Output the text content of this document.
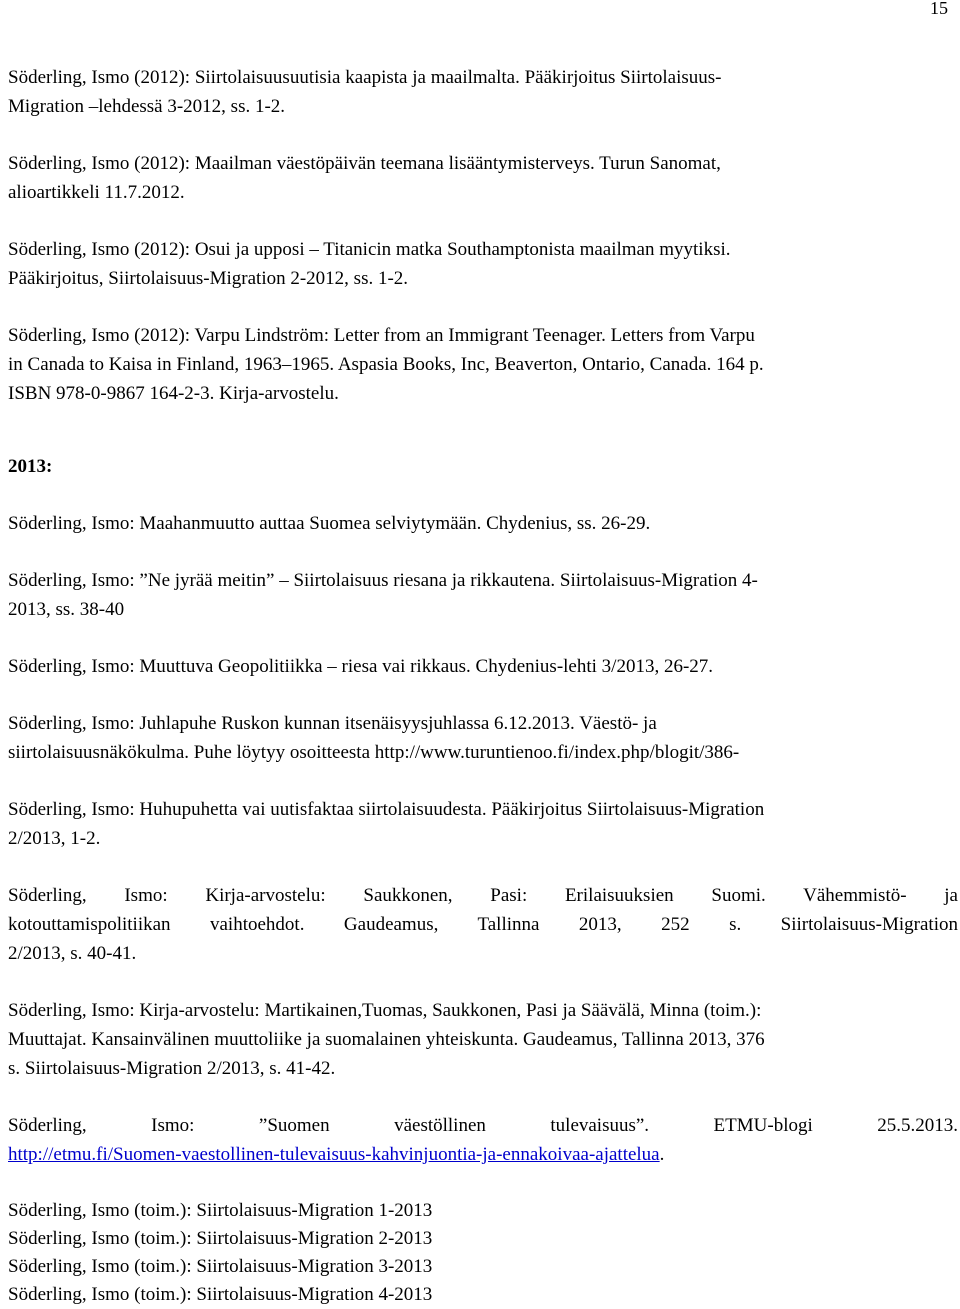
15
Söderling, Ismo (2012): Siirtolaisuusuutisia kaapista ja maailmalta. Pääkirjoitus Siirtolaisuus-
Migration –lehdessä 3-2012, ss. 1-2.
Söderling, Ismo (2012): Maailman väestöpäivän teemana lisääntymisterveys. Turun Sanomat,
alioartikkeli 11.7.2012.
Söderling, Ismo (2012): Osui ja upposi – Titanicin matka Southamptonista maailman myytiksi.
Pääkirjoitus, Siirtolaisuus-Migration 2-2012, ss. 1-2.
Söderling, Ismo (2012): Varpu Lindström: Letter from an Immigrant Teenager. Letters from Varpu
in Canada to Kaisa in Finland, 1963–1965. Aspasia Books, Inc, Beaverton, Ontario, Canada. 164 p.
ISBN 978-0-9867 164-2-3. Kirja-arvostelu.
2013:
Söderling, Ismo: Maahanmuutto auttaa Suomea selviytymään. Chydenius, ss. 26-29.
Söderling, Ismo: ”Ne jyrää meitin” – Siirtolaisuus riesana ja rikkautena. Siirtolaisuus-Migration 4-
2013, ss. 38-40
Söderling, Ismo: Muuttuva Geopolitiikka – riesa vai rikkaus. Chydenius-lehti 3/2013, 26-27.
Söderling, Ismo: Juhlapuhe Ruskon kunnan itsenäisyysjuhlassa 6.12.2013. Väestö- ja
siirtolaisuusnäkökulma. Puhe löytyy osoitteesta http://www.turuntienoo.fi/index.php/blogit/386-
Söderling, Ismo: Huhupuhetta vai uutisfaktaa siirtolaisuudesta. Pääkirjoitus Siirtolaisuus-Migration
2/2013, 1-2.
Söderling, Ismo: Kirja-arvostelu: Saukkonen, Pasi: Erilaisuuksien Suomi. Vähemmistö- ja
kotouttamispolitiikan vaihtoehdot. Gaudeamus, Tallinna 2013, 252 s. Siirtolaisuus-Migration
2/2013, s. 40-41.
Söderling, Ismo: Kirja-arvostelu: Martikainen,Tuomas, Saukkonen, Pasi ja Säävälä, Minna (toim.):
Muuttajat. Kansainvälinen muuttoliike ja suomalainen yhteiskunta. Gaudeamus, Tallinna 2013, 376
s. Siirtolaisuus-Migration 2/2013, s. 41-42.
Söderling, Ismo: ”Suomen väestöllinen tulevaisuus”. ETMU-blogi 25.5.2013.
http://etmu.fi/Suomen-vaestollinen-tulevaisuus-kahvinjuontia-ja-ennakoivaa-ajattelua.
Söderling, Ismo (toim.): Siirtolaisuus-Migration 1-2013
Söderling, Ismo (toim.): Siirtolaisuus-Migration 2-2013
Söderling, Ismo (toim.): Siirtolaisuus-Migration 3-2013
Söderling, Ismo (toim.): Siirtolaisuus-Migration 4-2013
